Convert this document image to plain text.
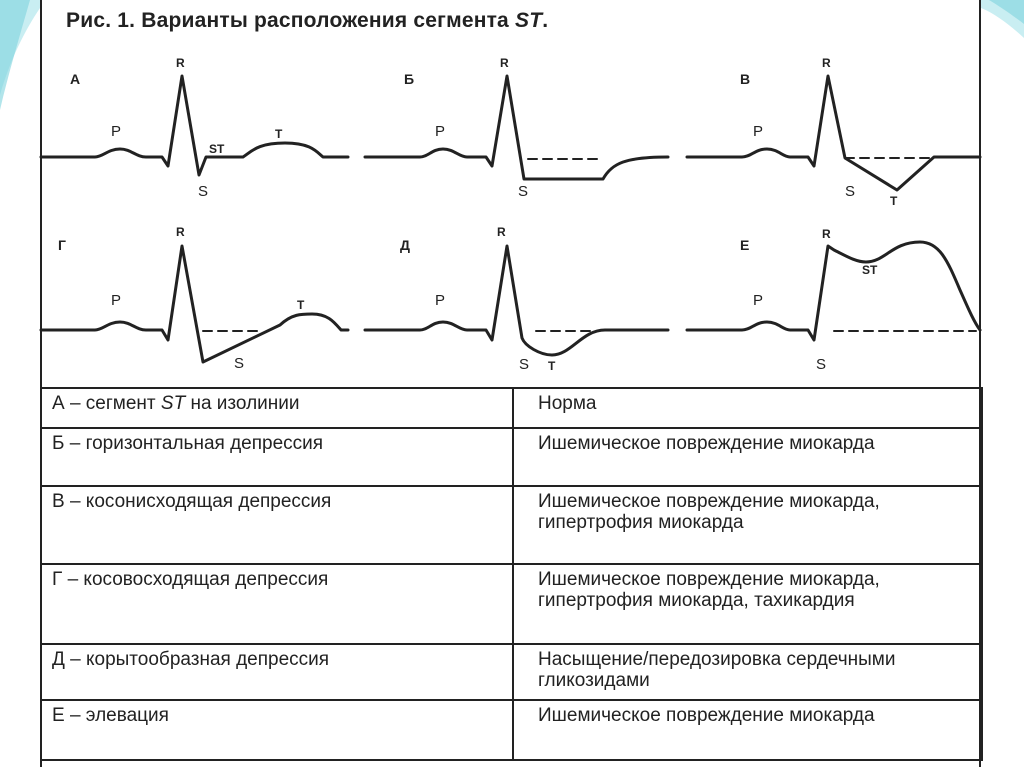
Рис. 1. Варианты расположения сегмента ST.
А	Б	В
Г	Д	Е
P
R
ST
T
S
P
R
S
P
R
S
T
P
R
T
S
P
R
S T
P
R
ST
S
А – сегмент ST на изолинии	Норма
Б – горизонтальная депрессия	Ишемическое повреждение миокарда
В – косонисходящая депрессия	Ишемическое повреждение миокарда, гипертрофия миокарда
Г – косовосходящая депрессия	Ишемическое повреждение миокарда, гипертрофия миокарда, тахикардия
Д – корытообразная депрессия	Насыщение/передозировка сердечными гликозидами
Е – элевация	Ишемическое повреждение миокарда
